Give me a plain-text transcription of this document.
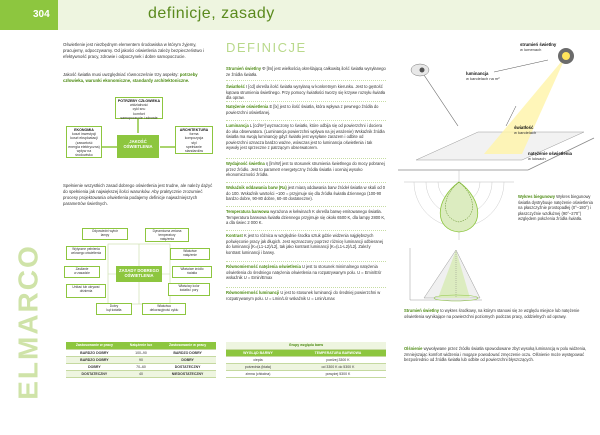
304	definicje, zasady
ELMARCO
Oświetlenie jest niezbędnym elementem środowiska w którym żyjemy, pracujemy, odpoczywamy. Od jakości oświetlenia zależy bezpieczeństwo i efektywność pracy, zdrowie i odpoczynek i dobre samopoczucie.
Jakość światła musi uwzględniać równocześnie trzy aspekty: potrzeby człowieka, warunki ekonomiczne, standardy architektoniczne.
POTRZEBY CZŁOWIEKA
widzialność
cykl snu
komfort
samopoczucie i zdrowie
EKONOMIA
koszt inwestycji
koszt eksploatacji
(zawartość
energia elektryczna)
wpływ na środowisko
JAKOŚĆ
OŚWIETLENIA
ARCHITEKTURA
forma
kompozycja
styl
spełnianie standardów
Spełnienie wszystkich zasad dobrego oświetlenia jest trudne, ale należy dążyć do spełnienia jak największej ilości warunków. Aby praktycznie zrozumieć procesy projektowania oświetlenia podajemy definicje najważniejszych parametrów świetlnych.
ZASADY DOBREGO
OŚWIETLENIA
Odpowiedni wybór
lampy
Dynamiczna zmiana
temperatury
natężenia
Wytyczne pełnienia
celowego oświetlenia	Właściwe
natężenie
Zasilanie
w zasadzie
Właściwe źródło
światła
Unikać lub ukrywać
olśnienia
Właściwy kolor
światła i pory
Dobry
kąt światła
Właściwa
dekoracyjność cyklu
Zastosowanie w pracy	Natężenie lux	Zastosowanie w pracy
BARDZO DOBRY	100–90	BARDZO DOBRY
BARDZO DOBRY	90	DOBRY
DOBRY	70–60	DOSTATECZNY
DOSTATECZNY	40	NIEDOSTATECZNY
DEFINICJE
Strumień świetlny Φ [lm] jest wielkością określającą całkowitą ilość światła wysyłanego ze źródła światła.
Światłość I [cd] określa ilość światła wysyłaną w konkretnym kierunku. Jest to gęstość kątowa strumienia świetlnego. Przy pomocy światłości tworzy się krzywe rozsyłu światła dla opraw.
Natężenie oświetlenia E [lx] jest to ilość światła, która wpływa z pewnego źródła do powierzchni oświetlanej.
Luminancja L [cd/m²] wyznaczony to światło, które odbija się od powierzchni i dociera do oka obserwatora. (Luminancja powierzchni wpływa na jej wrażenie) Wskaźnik źródła światła ma swoją luminancję gdyż światło jest wysyłane zarazem i odbite od powierzchni oznacza bardzo ważne, wówczas jest to luminancja oświetlenia i tak wywoły jest sprzeczne z patrzącym obserwatorem.
Wydajność świetlna η [lm/W] jest to stosunek strumienia świetlnego do mocy pobranej przez źródło. Jest to parametr energetyczny źródła światła i oceniaj wysoko ekonomiczności źródła.
Wskaźnik oddawania barw (Ra) jest miarą oddawania barw źródeł światła w skali od 0 do 100. Wskaźnik wartości ~100 = przyjmuje się dla źródła światła dziennego (100-90 bardzo dobre, 90-80 dobre, 60-40 dostateczne).
Temperatura barwowa wyrażona w kelwinach K określa barwę emitowanego światła. Temperatura barwowa światła dziennego przyjmuje się około 6500 K, dla lampy 2800 K, a dla świec 2 000 K.
Kontrast K jest to różnica w względnie środka sztuk gdzie widzenia najgłębszych poświęconie pracy jak długich. Jest wyznaczony poprzez różnicę luminancji odbieranej do luminancji [K=(L1-L2)/L2], tak jako kontrast luminancji [K=(L1-L2)/L2]. Zależy kontrast luminancji i barwy.
Równomierność natężenia oświetlenia U jest to stosunek minimalnego natężenia oświetlenia do średniego natężenia oświetlenia na rozpatrywanym polu. U = Emin/Eśr wskaźnik U = Emin/Emax
Równomierność luminancji U jest to stosunek luminancji do średniej powierzchni w rozpatrywanym polu. U = Lmin/Lśr wskaźnik U = Lmin/Lmax
Grupy względu barw	
WYGLĄD BARWY	TEMPERATURA BARWOWA
ciepła	poniżej 3300 K
pośrednia (biała)	od 3300 K do 5300 K
zimna (chłodna)	powyżej 5300 K
strumień świetlny
w lumenach
luminancja
w kandelach na m²
światłość
w kandelach
natężenie oświetlenia
w luksach
Wykres biegunowy Wykres biegunowy światła dystrybuuje natężenie oświetlenia na płaszczyźnie prostopadłej (0°–180°) i płaszczyźnie wzdłużnej (90°–270°) względem położenia źródła światła.
Strumień świetlny to wykres środkowy, na którym stanowi się ze względu miejsce lub natężenie oświetlenia wynikające na powierzchni poziomych podczas pracy, oddzielnych od oprawy.
Olśnienie wywoływane przez źródło światła spowodowane zbyt wysoką luminancją w polu widzenia, zmniejszając komfort widzenia i mogące powodować zmęczenie oczu. Olśnienie może występować bezpośrednio od źródła światła lub odbite od powierzchni błyszczących.
